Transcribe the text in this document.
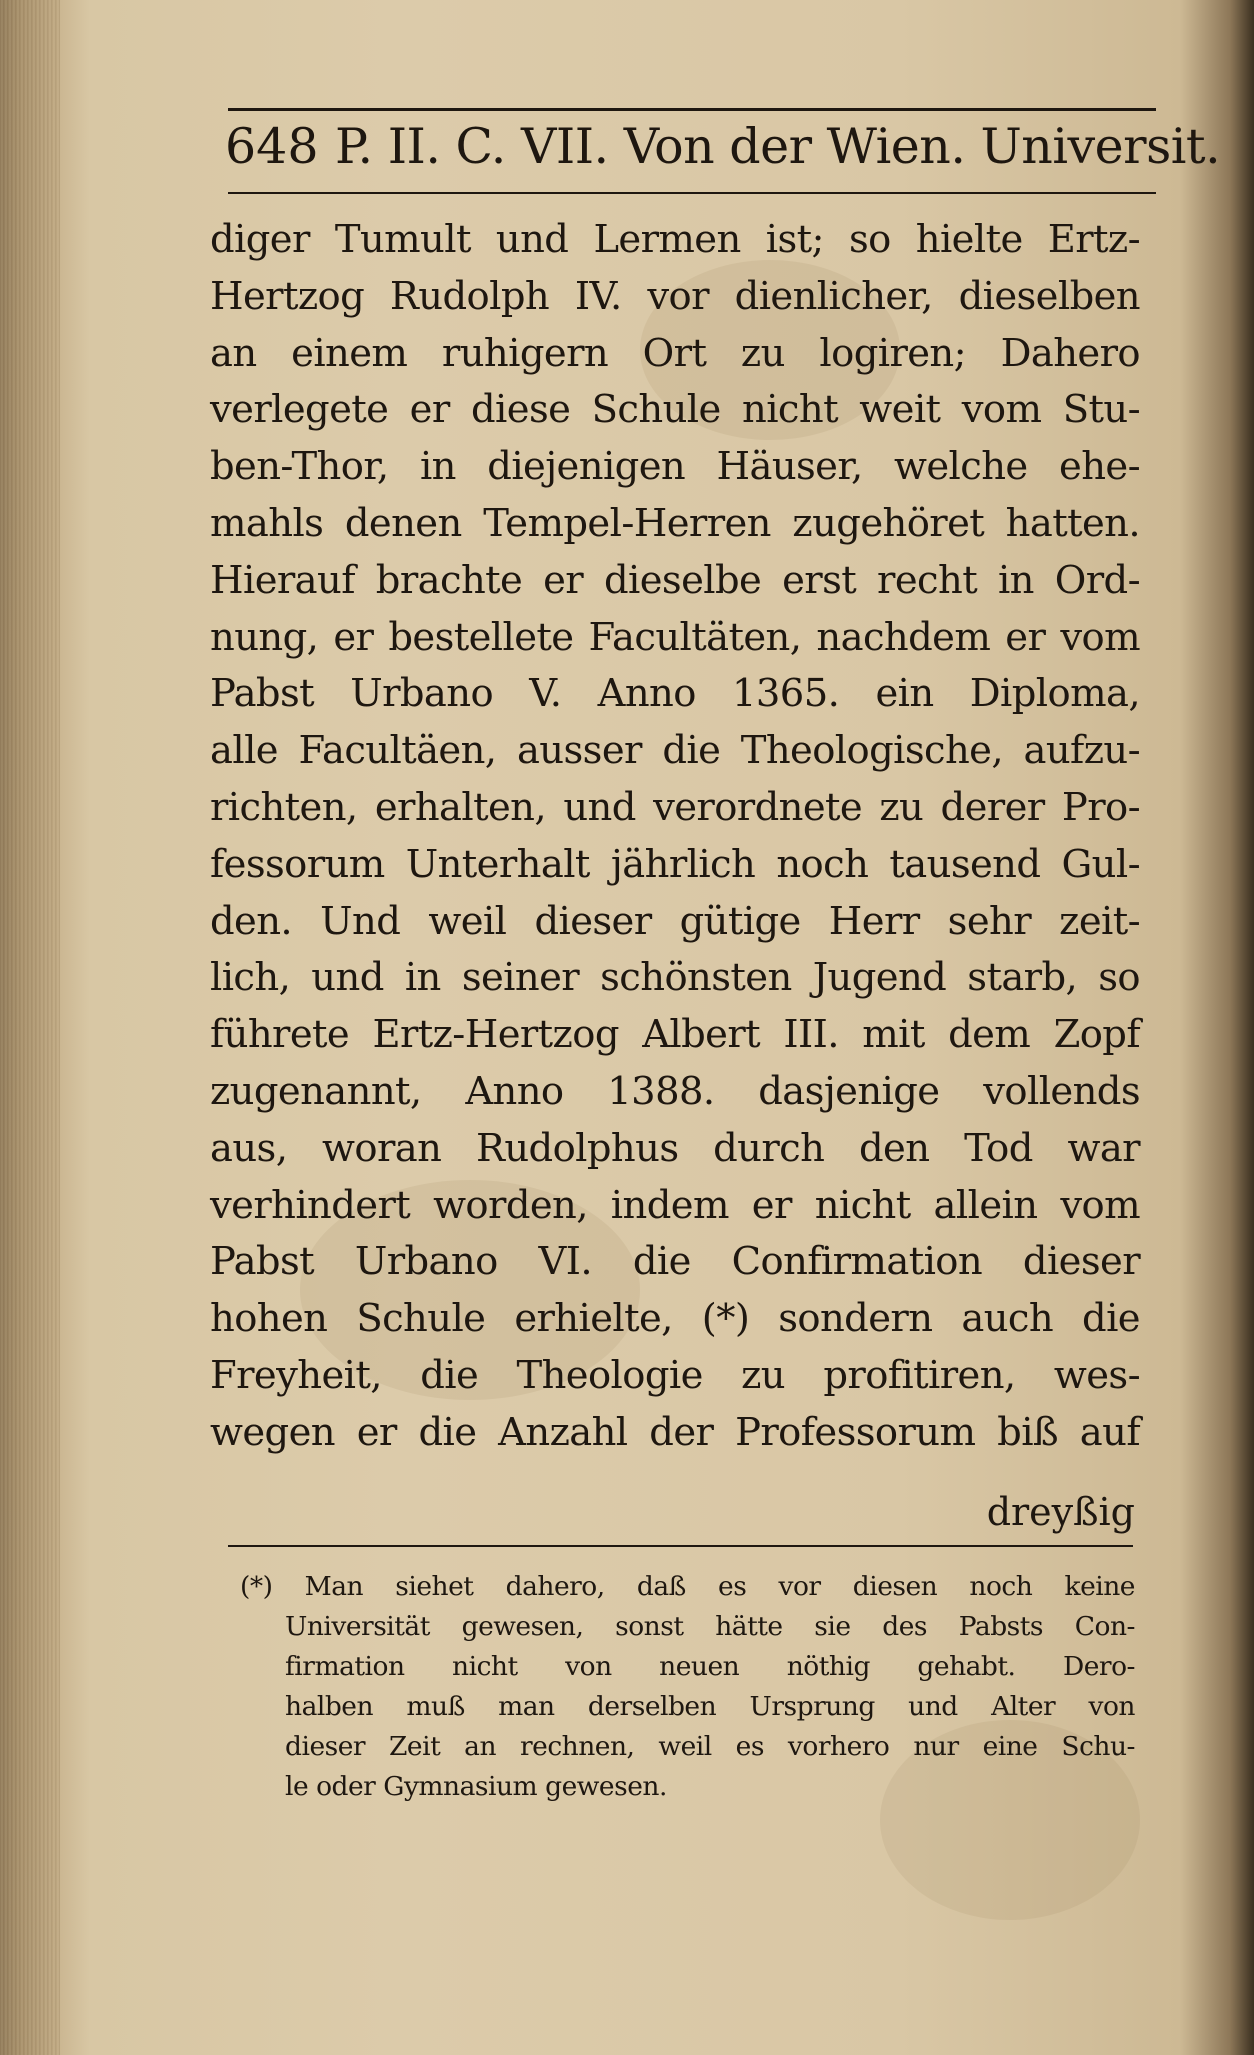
648 P. II. C. VII. Von der Wien. Universit.
diger Tumult und Lermen ist; so hielte Ertz-
Hertzog Rudolph IV. vor dienlicher, dieselben
an einem ruhigern Ort zu logiren; Dahero
verlegete er diese Schule nicht weit vom Stu-
ben-Thor, in diejenigen Häuser, welche ehe-
mahls denen Tempel-Herren zugehöret hatten.
Hierauf brachte er dieselbe erst recht in Ord-
nung, er bestellete Facultäten, nachdem er vom
Pabst Urbano V. Anno 1365. ein Diploma,
alle Facultäen, ausser die Theologische, aufzu-
richten, erhalten, und verordnete zu derer Pro-
fessorum Unterhalt jährlich noch tausend Gul-
den. Und weil dieser gütige Herr sehr zeit-
lich, und in seiner schönsten Jugend starb, so
führete Ertz-Hertzog Albert III. mit dem Zopf
zugenannt, Anno 1388. dasjenige vollends
aus, woran Rudolphus durch den Tod war
verhindert worden, indem er nicht allein vom
Pabst Urbano VI. die Confirmation dieser
hohen Schule erhielte, (*) sondern auch die
Freyheit, die Theologie zu profitiren, wes-
wegen er die Anzahl der Professorum biß auf
dreyßig
(*) Man siehet dahero, daß es vor diesen noch keine
Universität gewesen, sonst hätte sie des Pabsts Con-
firmation nicht von neuen nöthig gehabt. Dero-
halben muß man derselben Ursprung und Alter von
dieser Zeit an rechnen, weil es vorhero nur eine Schu-
le oder Gymnasium gewesen.
